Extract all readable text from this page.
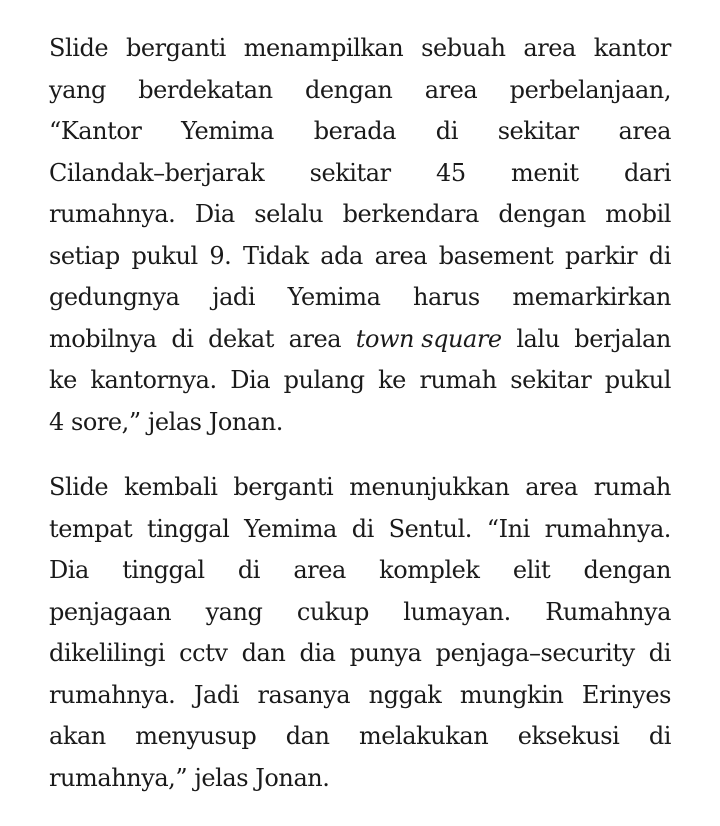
Slide berganti menampilkan sebuah area kantor
yang berdekatan dengan area perbelanjaan,
“Kantor Yemima berada di sekitar area
Cilandak–berjarak sekitar 45 menit dari
rumahnya. Dia selalu berkendara dengan mobil
setiap pukul 9. Tidak ada area basement parkir di
gedungnya jadi Yemima harus memarkirkan
mobilnya di dekat area town square lalu berjalan
ke kantornya. Dia pulang ke rumah sekitar pukul
4 sore,” jelas Jonan.
Slide kembali berganti menunjukkan area rumah
tempat tinggal Yemima di Sentul. “Ini rumahnya.
Dia tinggal di area komplek elit dengan
penjagaan yang cukup lumayan. Rumahnya
dikelilingi cctv dan dia punya penjaga–security di
rumahnya. Jadi rasanya nggak mungkin Erinyes
akan menyusup dan melakukan eksekusi di
rumahnya,” jelas Jonan.
